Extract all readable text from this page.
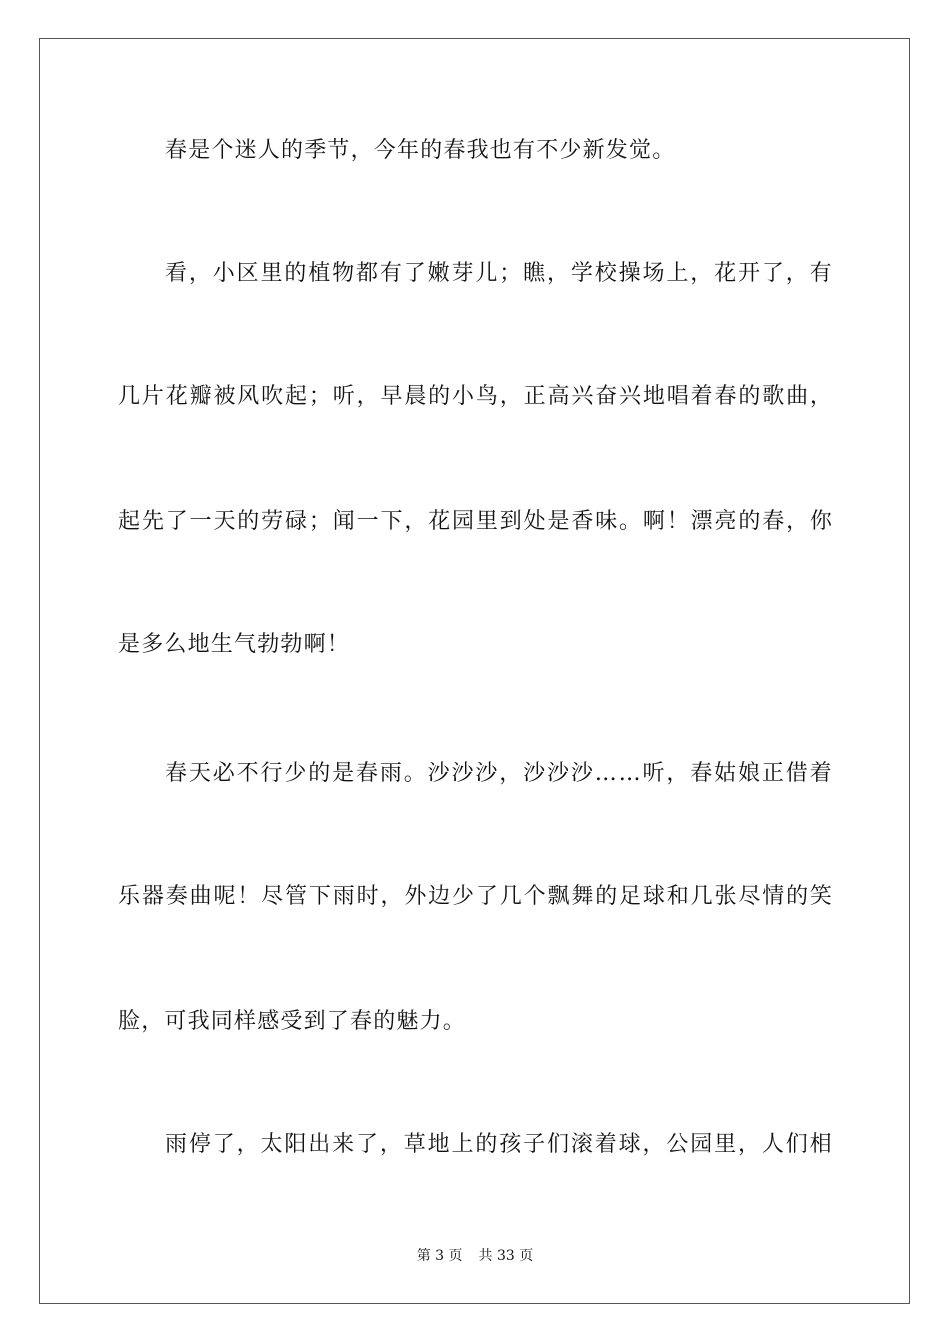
春是个迷人的季节，今年的春我也有不少新发觉。
看 ， 小 区 里 的 植 物 都 有 了 嫩 芽 儿 ； 瞧 ， 学 校 操 场 上 ， 花 开 了 ， 有
几 片 花 瓣 被 风 吹 起 ； 听 ， 早 晨 的 小 鸟 ， 正 高 兴 奋 兴 地 唱 着 春 的 歌 曲 ，
起 先 了 一 天 的 劳 碌 ； 闻 一 下 ， 花 园 里 到 处 是 香 味 。 啊 ！ 漂 亮 的 春 ， 你
是多么地生气勃勃啊！
春 天 必 不 行 少 的 是 春 雨 。 沙 沙 沙 ， 沙 沙 沙 … … 听 ， 春 姑 娘 正 借 着
乐 器 奏 曲 呢 ！ 尽 管 下 雨 时 ， 外 边 少 了 几 个 飘 舞 的 足 球 和 几 张 尽 情 的 笑
脸，可我同样感受到了春的魅力。
雨 停 了 ， 太 阳 出 来 了 ， 草 地 上 的 孩 子 们 滚 着 球 ， 公 园 里 ， 人 们 相
第 3 页 共 33 页
